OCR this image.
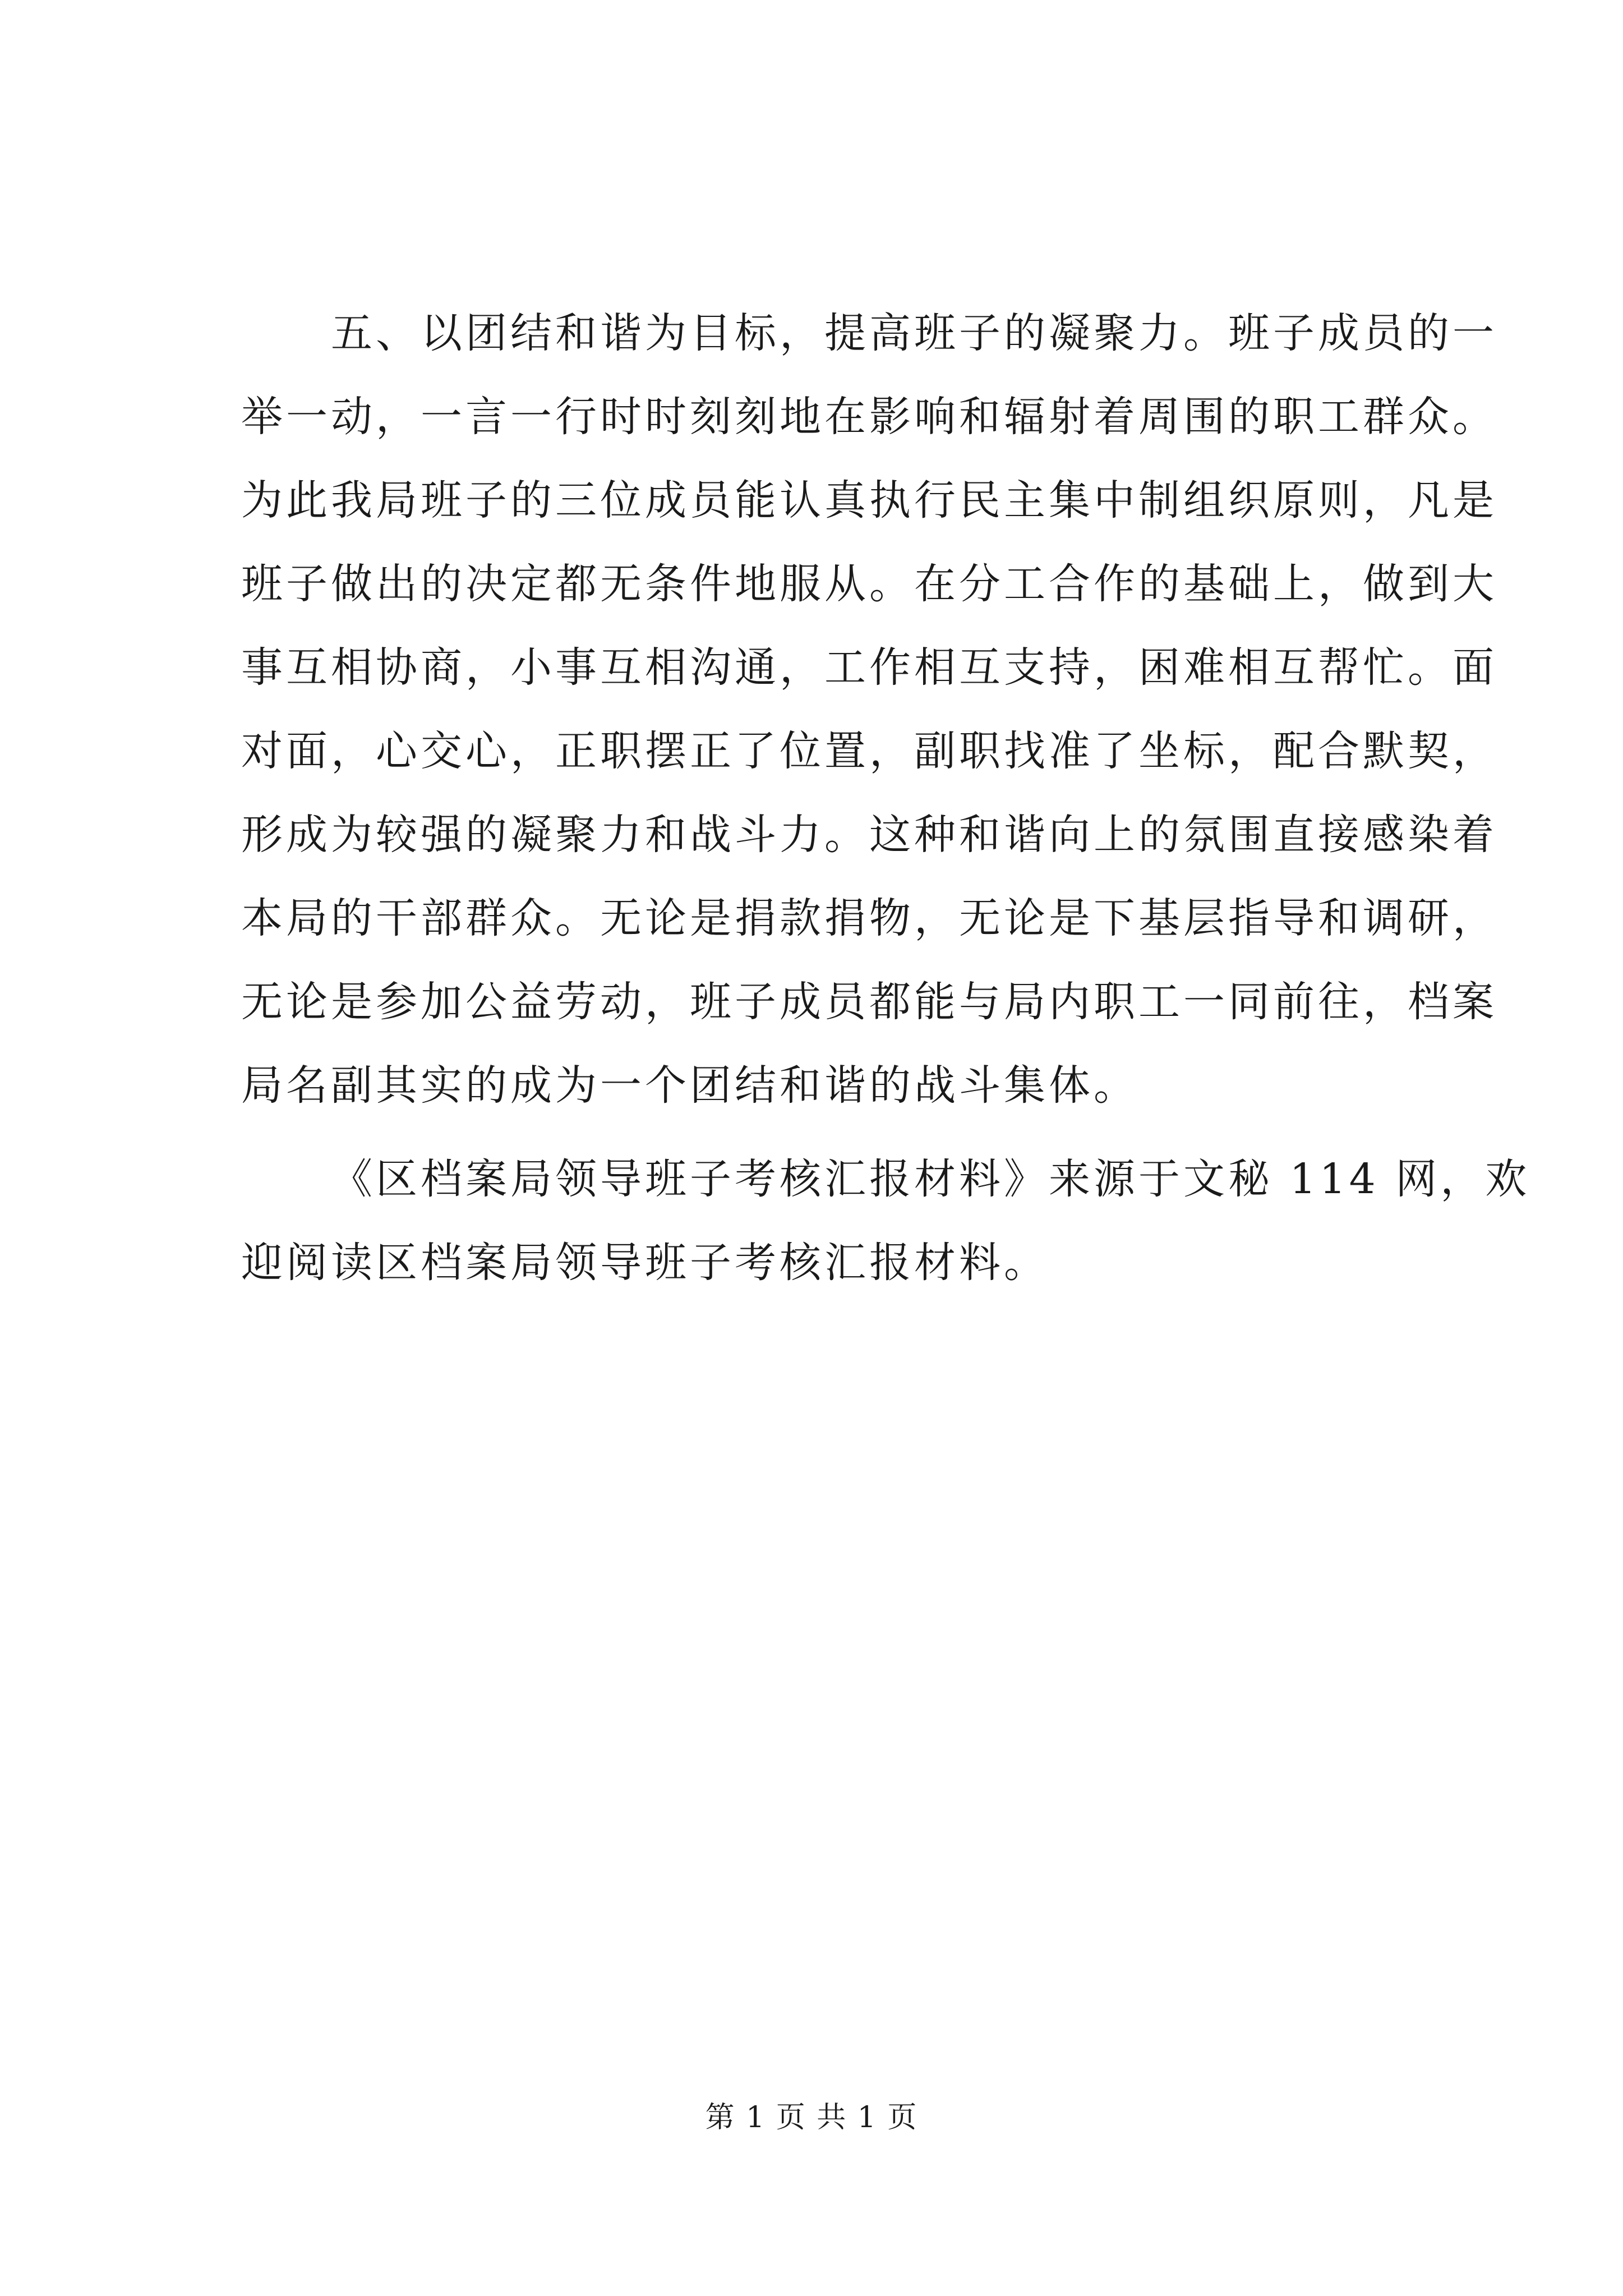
五、以团结和谐为目标，提高班子的凝聚力。班子成员的一
举一动，一言一行时时刻刻地在影响和辐射着周围的职工群众。
为此我局班子的三位成员能认真执行民主集中制组织原则，凡是
班子做出的决定都无条件地服从。在分工合作的基础上，做到大
事互相协商，小事互相沟通，工作相互支持，困难相互帮忙。面
对面，心交心，正职摆正了位置，副职找准了坐标，配合默契，
形成为较强的凝聚力和战斗力。这种和谐向上的氛围直接感染着
本局的干部群众。无论是捐款捐物，无论是下基层指导和调研，
无论是参加公益劳动，班子成员都能与局内职工一同前往，档案
局名副其实的成为一个团结和谐的战斗集体。
《区档案局领导班子考核汇报材料》来源于文秘 114 网，欢
迎阅读区档案局领导班子考核汇报材料。
第 1 页 共 1 页
